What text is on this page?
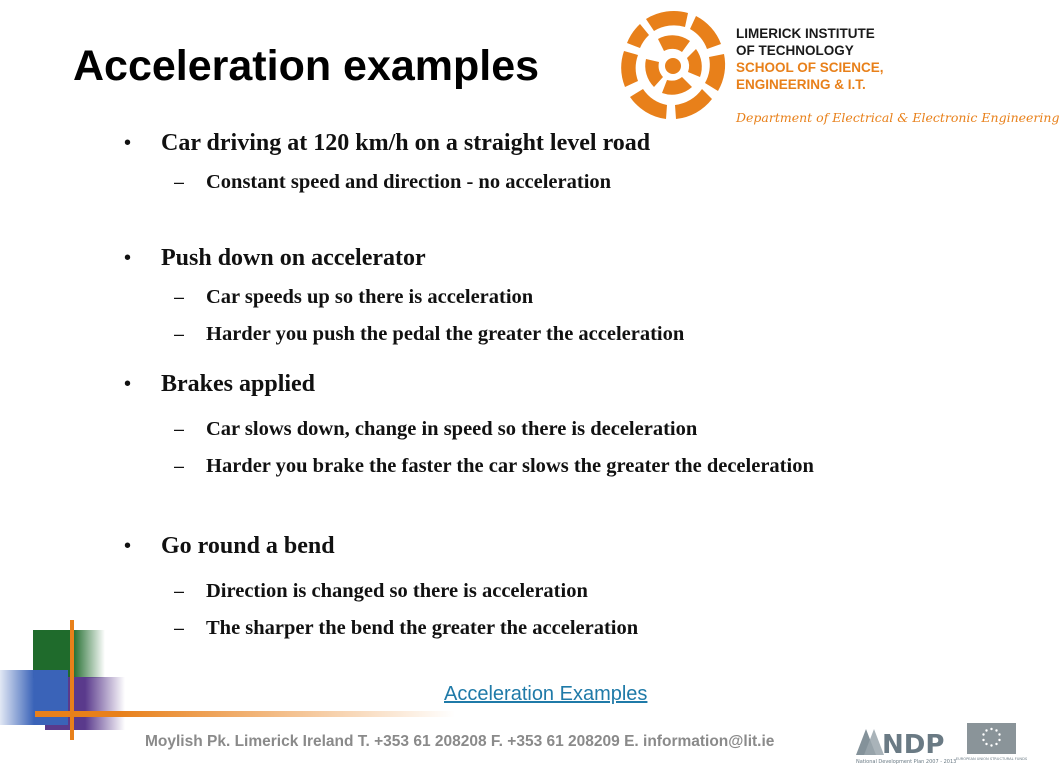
Acceleration examples
LIMERICK INSTITUTE
OF TECHNOLOGY
SCHOOL OF SCIENCE,
ENGINEERING & I.T.
Department of Electrical & Electronic Engineering
• Car driving at 120 km/h on a straight level road
– Constant speed and direction - no acceleration
• Push down on accelerator
– Car speeds up so there is acceleration
– Harder you push the pedal the greater the acceleration
• Brakes applied
– Car slows down, change in speed so there is deceleration
– Harder you brake the faster the car slows the greater the deceleration
• Go round a bend
– Direction is changed so there is acceleration
– The sharper the bend the greater the acceleration
Acceleration Examples
Moylish Pk. Limerick Ireland T. +353 61 208208 F. +353 61 208209 E. information@lit.ie	NDP
National Development Plan 2007 - 2013 EUROPEAN UNION STRUCTURAL FUNDS
